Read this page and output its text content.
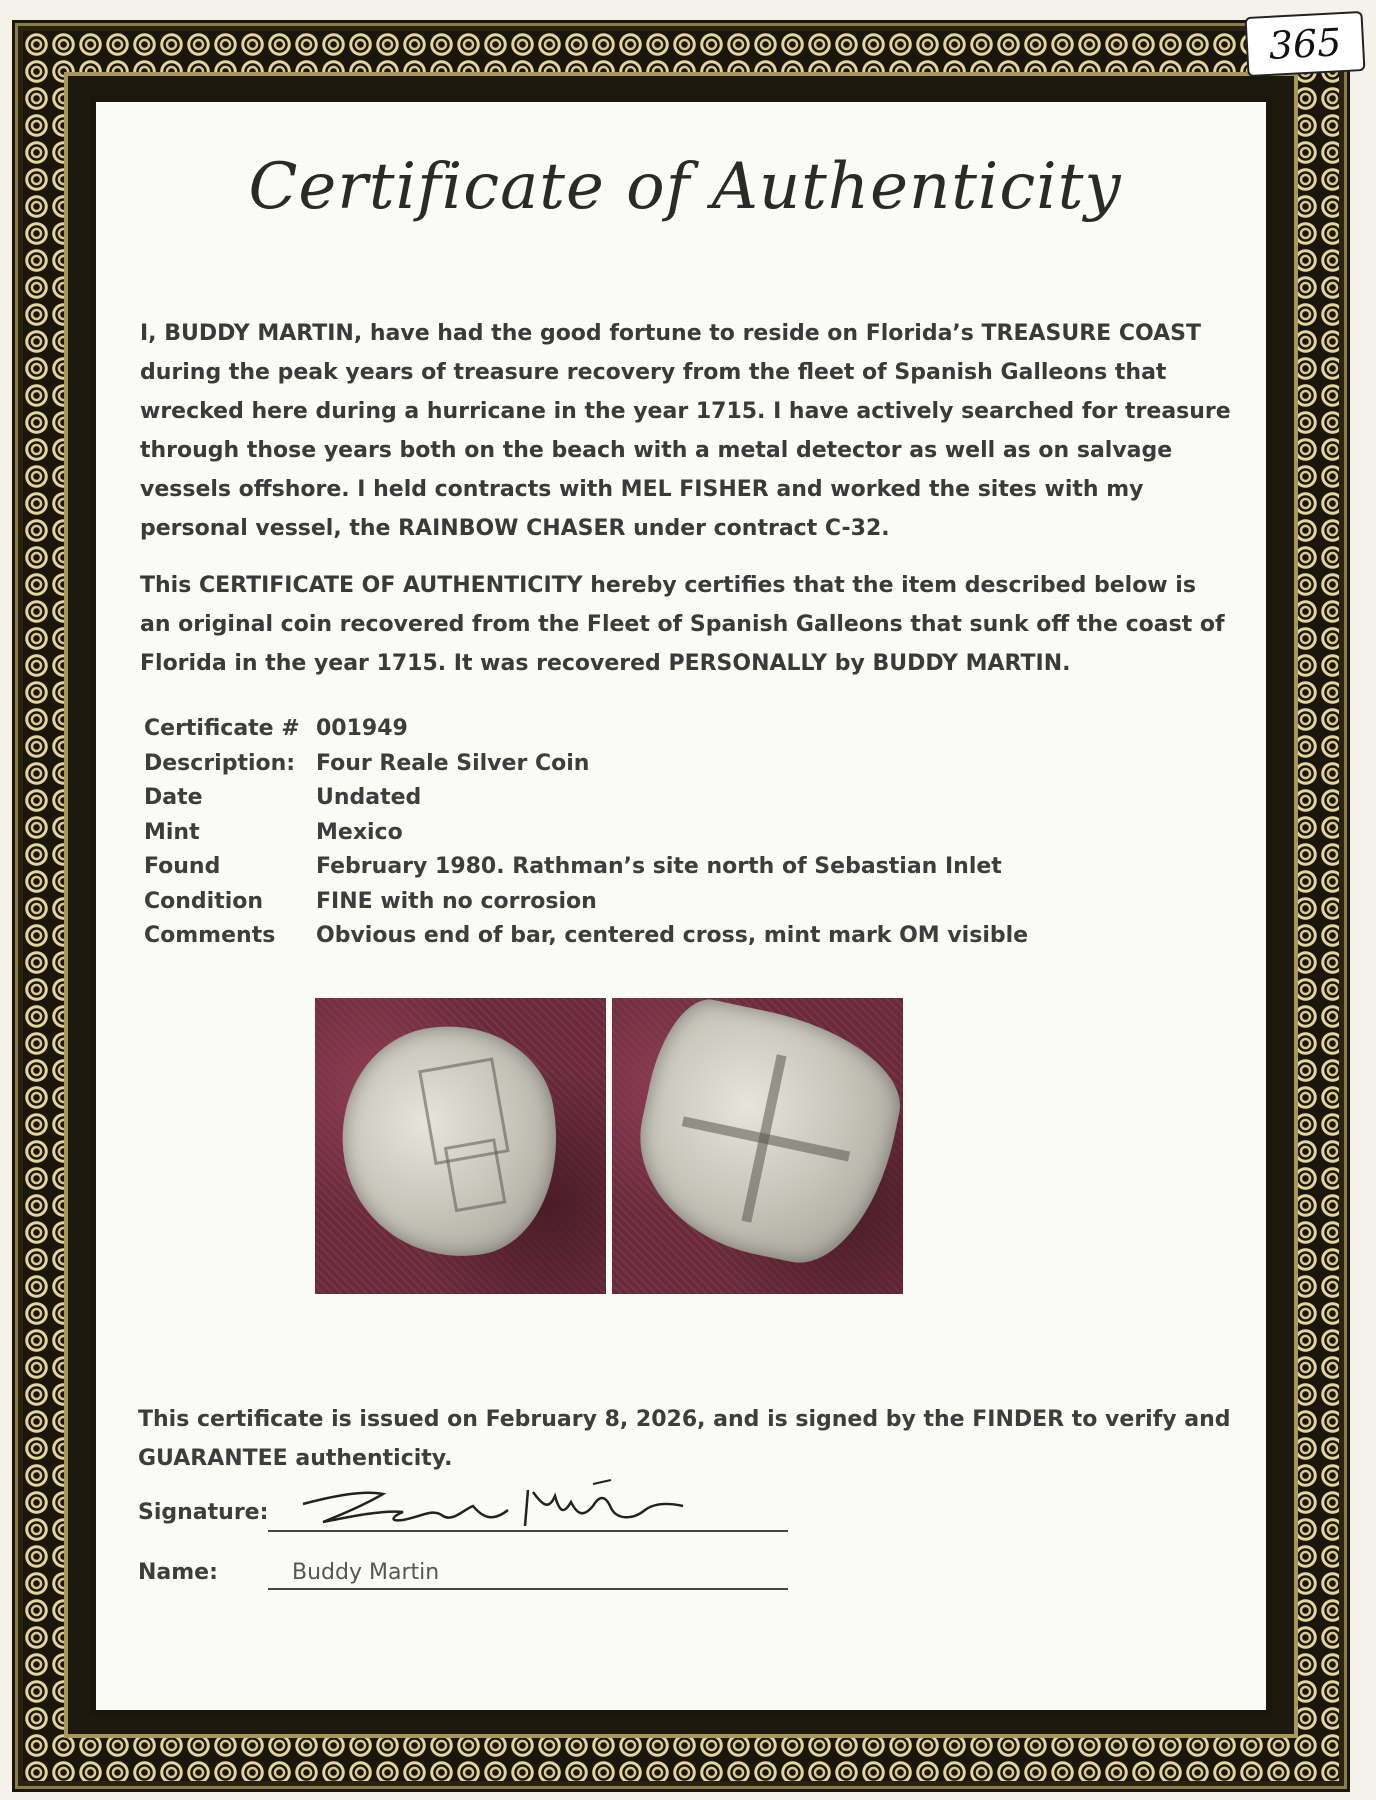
365
Certificate of Authenticity
I, BUDDY MARTIN, have had the good fortune to reside on Florida’s TREASURE COAST
during the peak years of treasure recovery from the fleet of Spanish Galleons that
wrecked here during a hurricane in the year 1715. I have actively searched for treasure
through those years both on the beach with a metal detector as well as on salvage
vessels offshore. I held contracts with MEL FISHER and worked the sites with my
personal vessel, the RAINBOW CHASER under contract C-32.
This CERTIFICATE OF AUTHENTICITY hereby certifies that the item described below is
an original coin recovered from the Fleet of Spanish Galleons that sunk off the coast of
Florida in the year 1715. It was recovered PERSONALLY by BUDDY MARTIN.
Certificate # 001949
Description: Four Reale Silver Coin
Date	Undated
Mint	Mexico
Found	February 1980. Rathman’s site north of Sebastian Inlet
Condition	FINE with no corrosion
Comments	Obvious end of bar, centered cross, mint mark OM visible
This certificate is issued on February 8, 2026, and is signed by the FINDER to verify and
GUARANTEE authenticity.
Signature:
Name:	Buddy Martin
